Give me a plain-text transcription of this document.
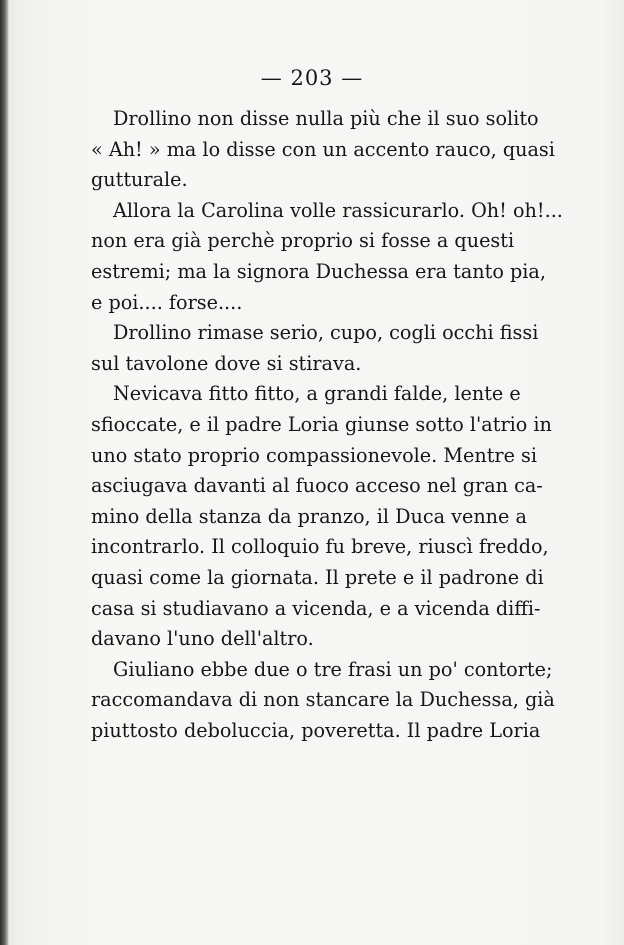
— 203 —

Drollino non disse nulla più che il suo solito
« Ah! » ma lo disse con un accento rauco, quasi
gutturale.

Allora la Carolina volle rassicurarlo. Oh! oh!...
non era già perchè proprio si fosse a questi
estremi; ma la signora Duchessa era tanto pia,
e poi.... forse....

Drollino rimase serio, cupo, cogli occhi fissi
sul tavolone dove si stirava.

Nevicava fitto fitto, a grandi falde, lente e
sfioccate, e il padre Loria giunse sotto l'atrio in
uno stato proprio compassionevole. Mentre si
asciugava davanti al fuoco acceso nel gran ca-
mino della stanza da pranzo, il Duca venne a
incontrarlo. Il colloquio fu breve, riuscì freddo,
quasi come la giornata. Il prete e il padrone di
casa si studiavano a vicenda, e a vicenda diffi-
davano l'uno dell'altro.

Giuliano ebbe due o tre frasi un po' contorte;
raccomandava di non stancare la Duchessa, già
piuttosto deboluccia, poveretta. Il padre Loria
